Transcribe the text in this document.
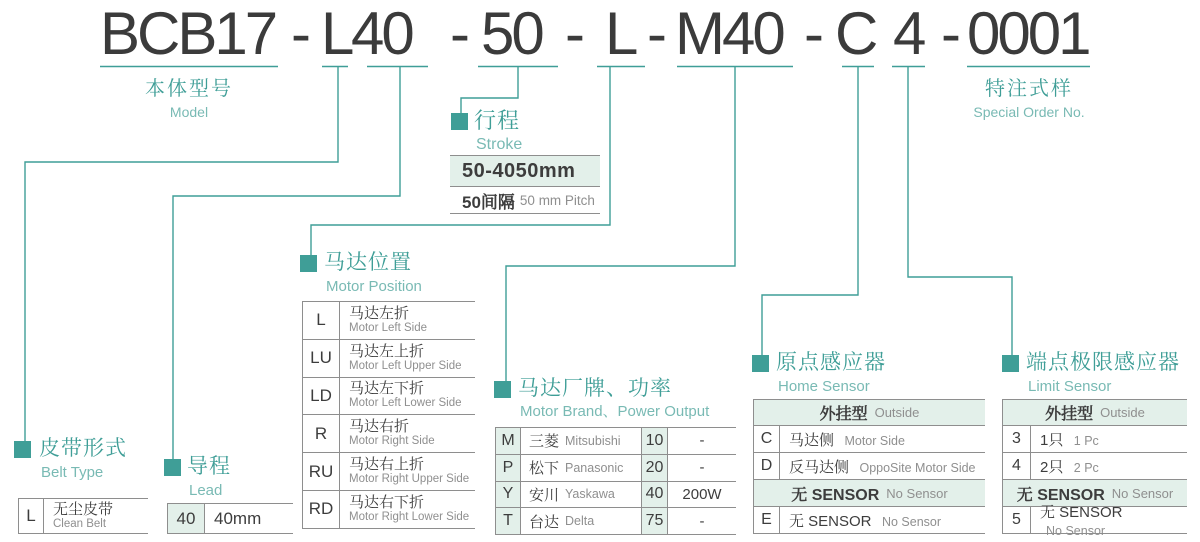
BCB17 - L 40 - 50 - L - M40 - C 4 - 0001
本体型号
Model
特注式样
Special Order No.
行程
Stroke
50-4050mm
50间隔 50 mm Pitch
皮带形式
Belt Type
L	无尘皮带
Clean Belt
导程
Lead
40	40mm
马达位置
Motor Position
L	马达左折
Motor Left Side
LU	马达左上折
Motor Left Upper Side
LD	马达左下折
Motor Left Lower Side
R	马达右折
Motor Right Side
RU	马达右上折
Motor Right Upper Side
RD	马达右下折
Motor Right Lower Side
马达厂牌、功率
Motor Brand、Power Output
M 三菱 Mitsubishi 10	-
P	松下 Panasonic 20	-
Y	安川 Yaskawa 40	200W
T	台达 Delta	75	-
原点感应器
Home Sensor
外挂型 Outside
C	马达侧 Motor Side
D	反马达侧 OppoSite Motor Side
无 SENSOR No Sensor
E	无 SENSOR No Sensor
端点极限感应器
Limit Sensor
外挂型 Outside
3	1只 1 Pc
4	2只 2 Pc
无 SENSOR No Sensor
5	无 SENSOR No Sensor
